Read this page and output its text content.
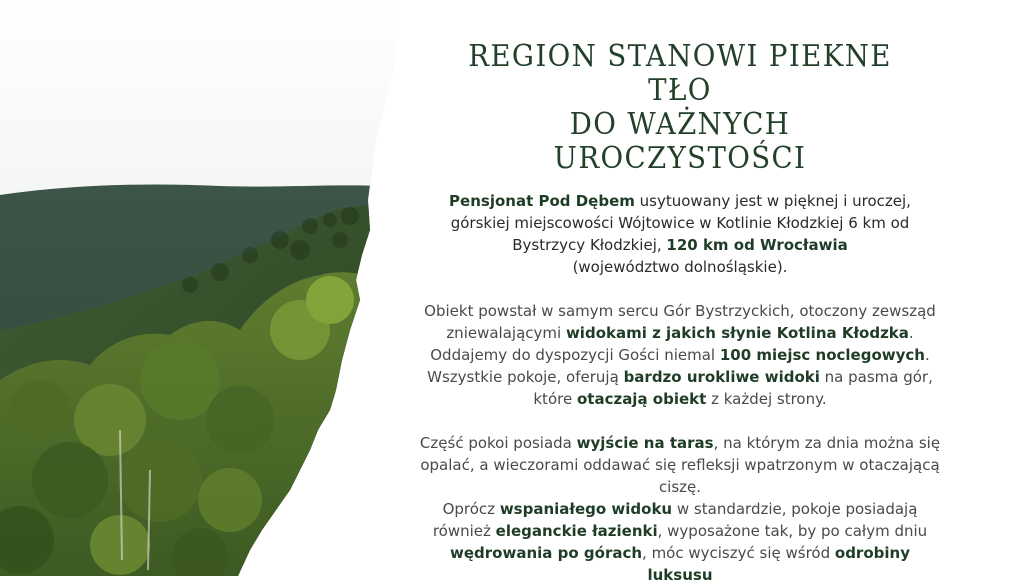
REGION STANOWI PIEKNE TŁO
DO WAŻNYCH UROCZYSTOŚCI

Pensjonat Pod Dębem usytuowany jest w pięknej i uroczej, górskiej miejscowości Wójtowice w Kotlinie Kłodzkiej 6 km od Bystrzycy Kłodzkiej, 120 km od Wrocławia
(województwo dolnośląskie).

Obiekt powstał w samym sercu Gór Bystrzyckich, otoczony zewsząd zniewalającymi widokami z jakich słynie Kotlina Kłodzka. Oddajemy do dyspozycji Gości niemal 100 miejsc noclegowych. Wszystkie pokoje, oferują bardzo urokliwe widoki na pasma gór, które otaczają obiekt z każdej strony.

Część pokoi posiada wyjście na taras, na którym za dnia można się opalać, a wieczorami oddawać się refleksji wpatrzonym w otaczającą ciszę.

Oprócz wspaniałego widoku w standardzie, pokoje posiadają również eleganckie łazienki, wyposażone tak, by po całym dniu wędrowania po górach, móc wyciszyć się wśród odrobiny luksusu
